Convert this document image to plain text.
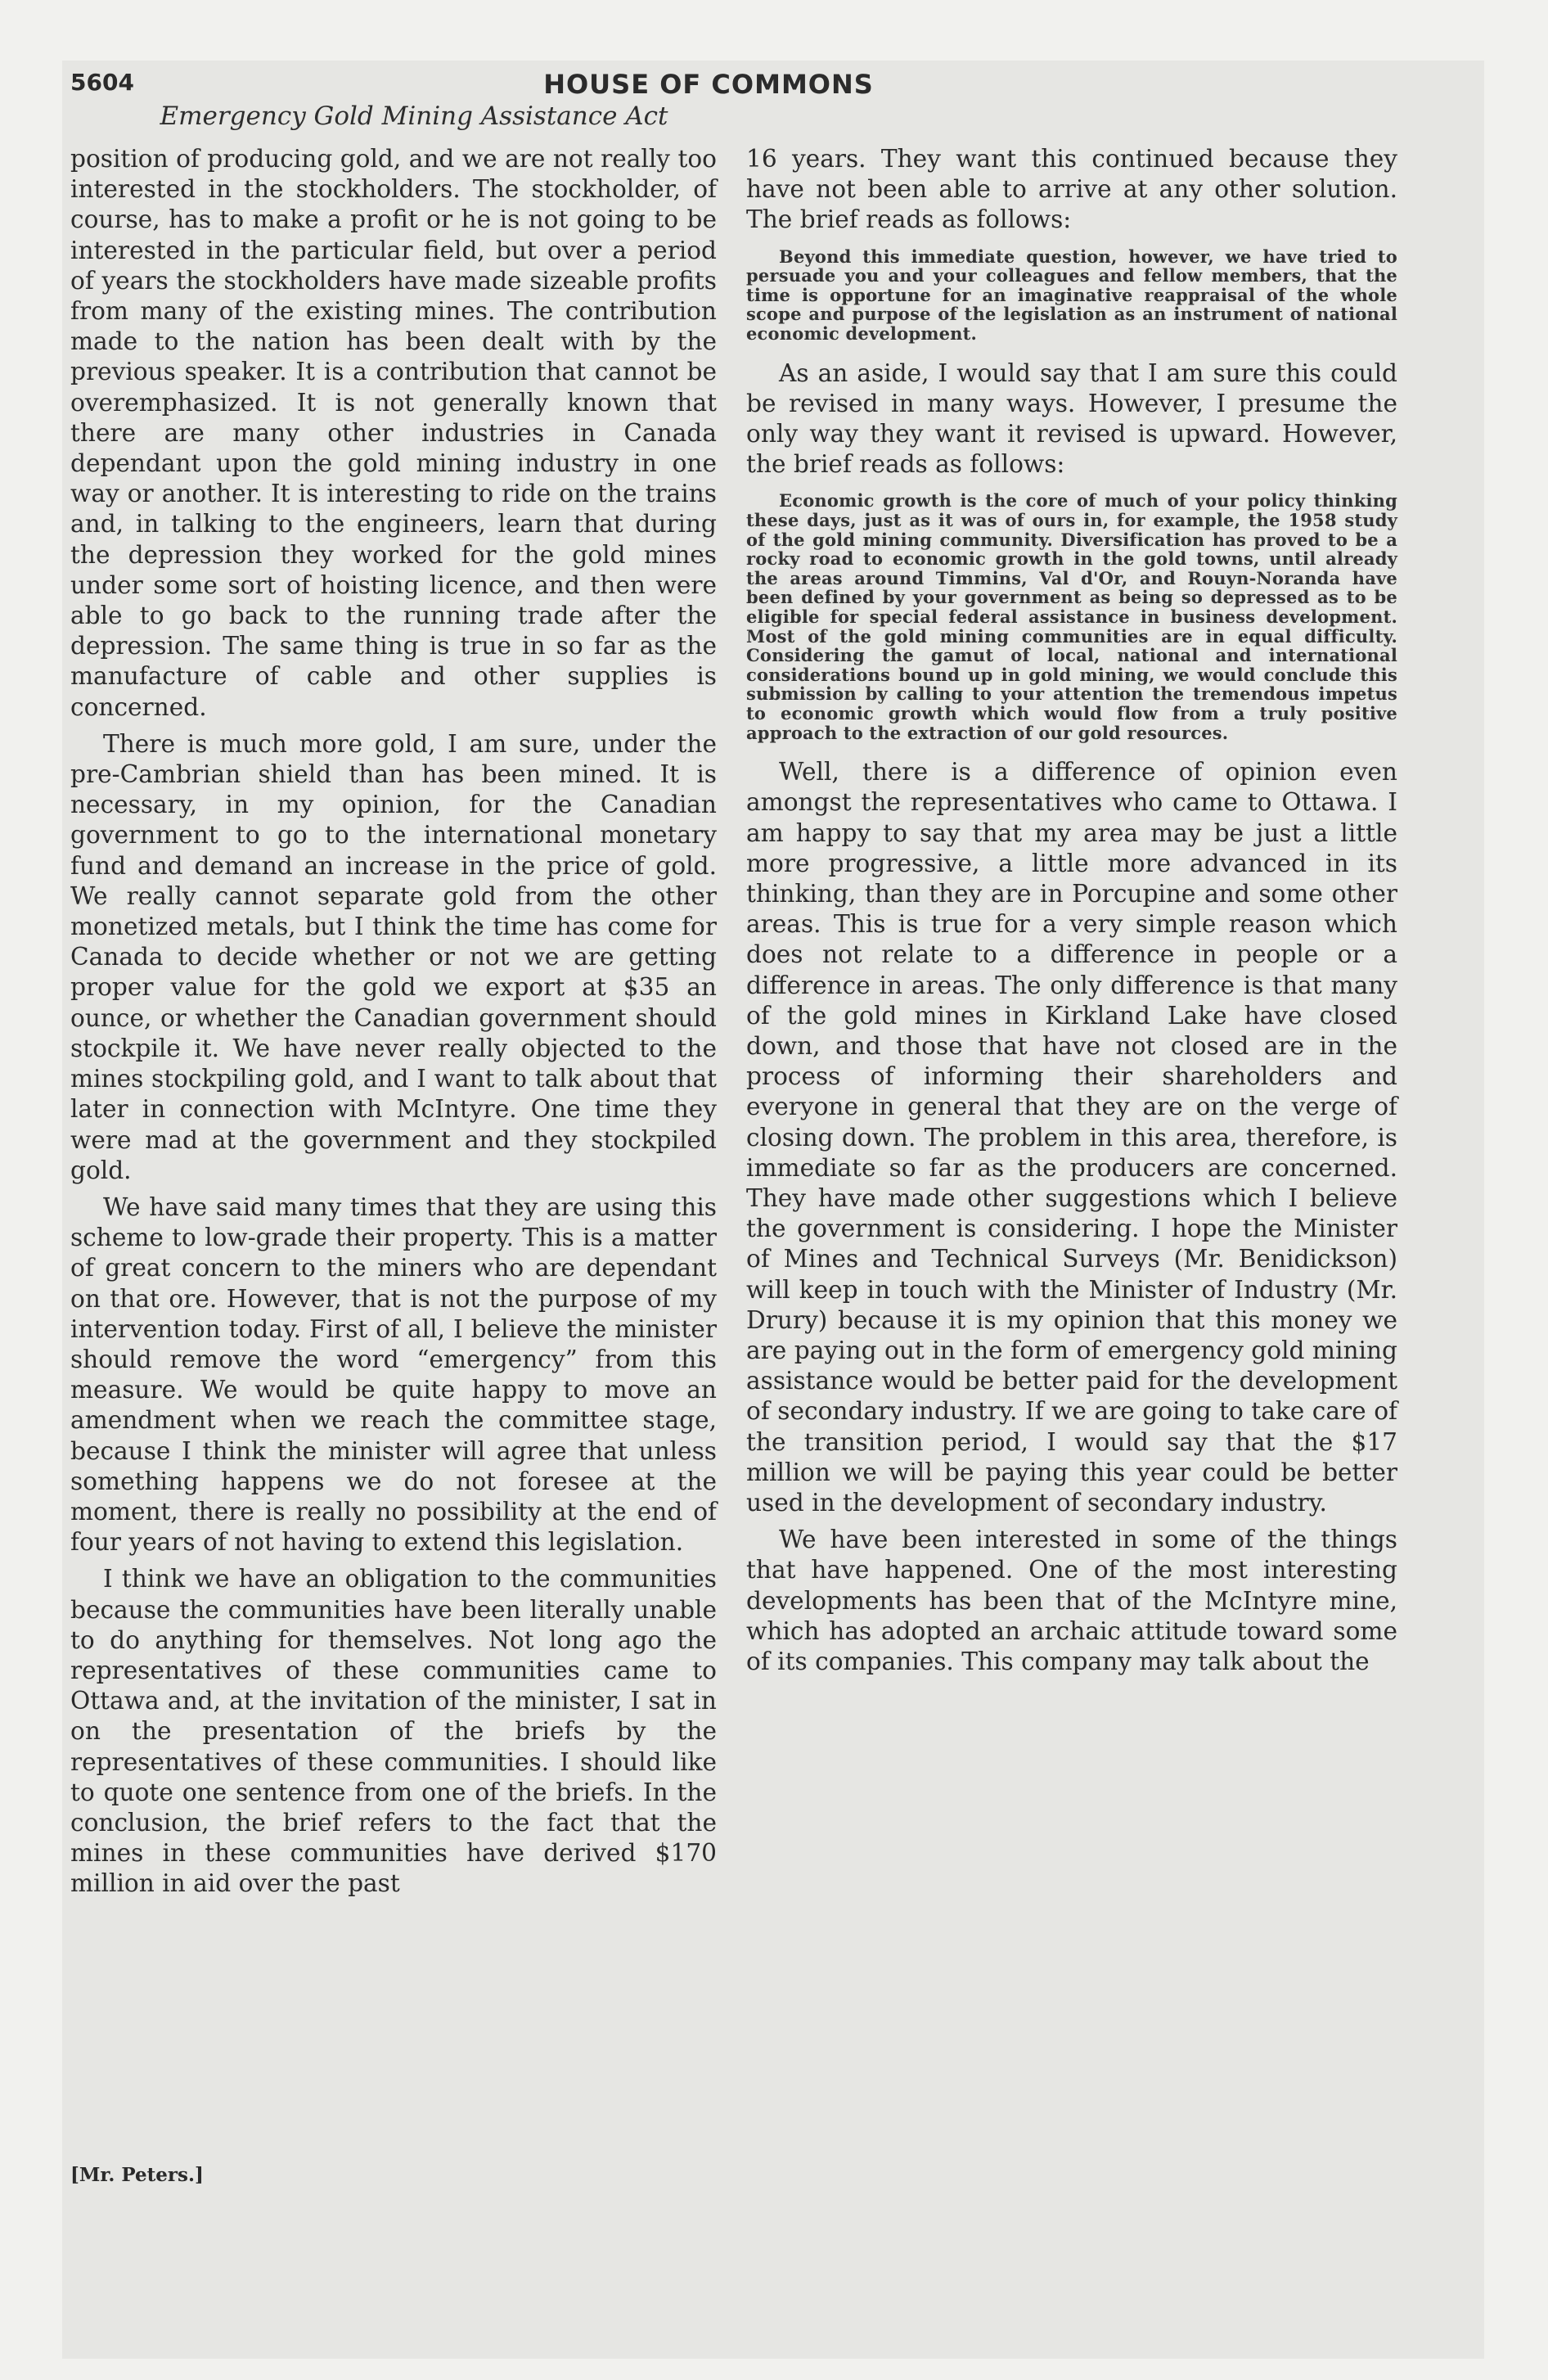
5604	HOUSE OF COMMONS
Emergency Gold Mining Assistance Act

position of producing gold, and we are not really too interested in the stockholders. The stockholder, of course, has to make a profit or he is not going to be interested in the particular field, but over a period of years the stockholders have made sizeable profits from many of the existing mines. The contribution made to the nation has been dealt with by the previous speaker. It is a contribution that cannot be overemphasized. It is not generally known that there are many other industries in Canada dependant upon the gold mining industry in one way or another. It is interesting to ride on the trains and, in talking to the engineers, learn that during the depression they worked for the gold mines under some sort of hoisting licence, and then were able to go back to the running trade after the depression. The same thing is true in so far as the manufacture of cable and other supplies is concerned.

There is much more gold, I am sure, under the pre-Cambrian shield than has been mined. It is necessary, in my opinion, for the Canadian government to go to the international monetary fund and demand an increase in the price of gold. We really cannot separate gold from the other monetized metals, but I think the time has come for Canada to decide whether or not we are getting proper value for the gold we export at $35 an ounce, or whether the Canadian government should stockpile it. We have never really objected to the mines stockpiling gold, and I want to talk about that later in connection with McIntyre. One time they were mad at the government and they stockpiled gold.

We have said many times that they are using this scheme to low-grade their property. This is a matter of great concern to the miners who are dependant on that ore. However, that is not the purpose of my intervention today. First of all, I believe the minister should remove the word “emergency” from this measure. We would be quite happy to move an amendment when we reach the committee stage, because I think the minister will agree that unless something happens we do not foresee at the moment, there is really no possibility at the end of four years of not having to extend this legislation.

I think we have an obligation to the communities because the communities have been literally unable to do anything for themselves. Not long ago the representatives of these communities came to Ottawa and, at the invitation of the minister, I sat in on the presentation of the briefs by the representatives of these communities. I should like to quote one sentence from one of the briefs. In the conclusion, the brief refers to the fact that the mines in these communities have derived $170 million in aid over the past

16 years. They want this continued because they have not been able to arrive at any other solution. The brief reads as follows:

Beyond this immediate question, however, we have tried to persuade you and your colleagues and fellow members, that the time is opportune for an imaginative reappraisal of the whole scope and purpose of the legislation as an instrument of national economic development.

As an aside, I would say that I am sure this could be revised in many ways. However, I presume the only way they want it revised is upward. However, the brief reads as follows:

Economic growth is the core of much of your policy thinking these days, just as it was of ours in, for example, the 1958 study of the gold mining community. Diversification has proved to be a rocky road to economic growth in the gold towns, until already the areas around Timmins, Val d'Or, and Rouyn-Noranda have been defined by your government as being so depressed as to be eligible for special federal assistance in business development. Most of the gold mining communities are in equal difficulty. Considering the gamut of local, national and international considerations bound up in gold mining, we would conclude this submission by calling to your attention the tremendous impetus to economic growth which would flow from a truly positive approach to the extraction of our gold resources.

Well, there is a difference of opinion even amongst the representatives who came to Ottawa. I am happy to say that my area may be just a little more progressive, a little more advanced in its thinking, than they are in Porcupine and some other areas. This is true for a very simple reason which does not relate to a difference in people or a difference in areas. The only difference is that many of the gold mines in Kirkland Lake have closed down, and those that have not closed are in the process of informing their shareholders and everyone in general that they are on the verge of closing down. The problem in this area, therefore, is immediate so far as the producers are concerned. They have made other suggestions which I believe the government is considering. I hope the Minister of Mines and Technical Surveys (Mr. Benidickson) will keep in touch with the Minister of Industry (Mr. Drury) because it is my opinion that this money we are paying out in the form of emergency gold mining assistance would be better paid for the development of secondary industry. If we are going to take care of the transition period, I would say that the $17 million we will be paying this year could be better used in the development of secondary industry.

We have been interested in some of the things that have happened. One of the most interesting developments has been that of the McIntyre mine, which has adopted an archaic attitude toward some of its companies. This company may talk about the

[Mr. Peters.]
